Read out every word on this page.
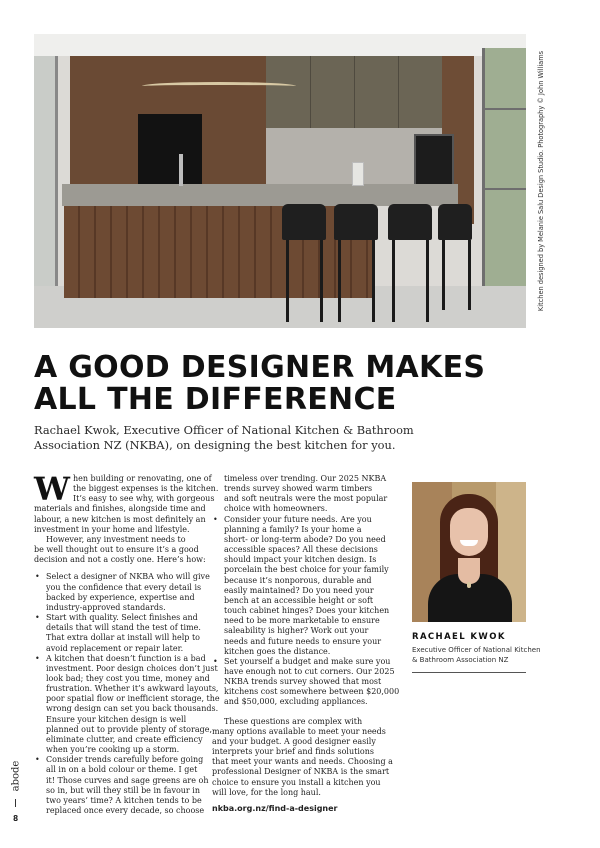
Kitchen designed by Melanie Salu Design Studio. Photography © John Williams
A GOOD DESIGNER MAKES
ALL THE DIFFERENCE
Rachael Kwok, Executive Officer of National Kitchen & Bathroom
Association NZ (NKBA), on designing the best kitchen for you.

W hen building or renovating, one of
the biggest expenses is the kitchen.
It’s easy to see why, with gorgeous
materials and finishes, alongside time and
labour, a new kitchen is most definitely an
investment in your home and lifestyle.

However, any investment needs to
be well thought out to ensure it’s a good
decision and not a costly one. Here’s how:

• Select a designer of NKBA who will give
you the confidence that every detail is
backed by experience, expertise and
industry-approved standards.
• Start with quality. Select finishes and
details that will stand the test of time.
That extra dollar at install will help to
avoid replacement or repair later.
• A kitchen that doesn’t function is a bad
investment. Poor design choices don’t just
look bad; they cost you time, money and
frustration. Whether it’s awkward layouts,
poor spatial flow or inefficient storage, the
wrong design can set you back thousands.
Ensure your kitchen design is well
planned out to provide plenty of storage,
eliminate clutter, and create efficiency
when you’re cooking up a storm.
• Consider trends carefully before going
all in on a bold colour or theme. I get
it! Those curves and sage greens are oh
so in, but will they still be in favour in
two years’ time? A kitchen tends to be
replaced once every decade, so choose
timeless over trending. Our 2025 NKBA
trends survey showed warm timbers
and soft neutrals were the most popular
choice with homeowners.
• Consider your future needs. Are you
planning a family? Is your home a
short- or long-term abode? Do you need
accessible spaces? All these decisions
should impact your kitchen design. Is
porcelain the best choice for your family
because it’s nonporous, durable and
easily maintained? Do you need your
bench at an accessible height or soft
touch cabinet hinges? Does your kitchen
need to be more marketable to ensure
saleability is higher? Work out your
needs and future needs to ensure your
kitchen goes the distance.
• Set yourself a budget and make sure you
have enough not to cut corners. Our 2025
NKBA trends survey showed that most
kitchens cost somewhere between $20,000
and $50,000, excluding appliances.

These questions are complex with
many options available to meet your needs
and your budget. A good designer easily
interprets your brief and finds solutions
that meet your wants and needs. Choosing a
professional Designer of NKBA is the smart
choice to ensure you install a kitchen you
will love, for the long haul.

nkba.org.nz/find-a-designer
RACHAEL KWOK
Executive Officer of National Kitchen
& Bathroom Association NZ
abode
8
